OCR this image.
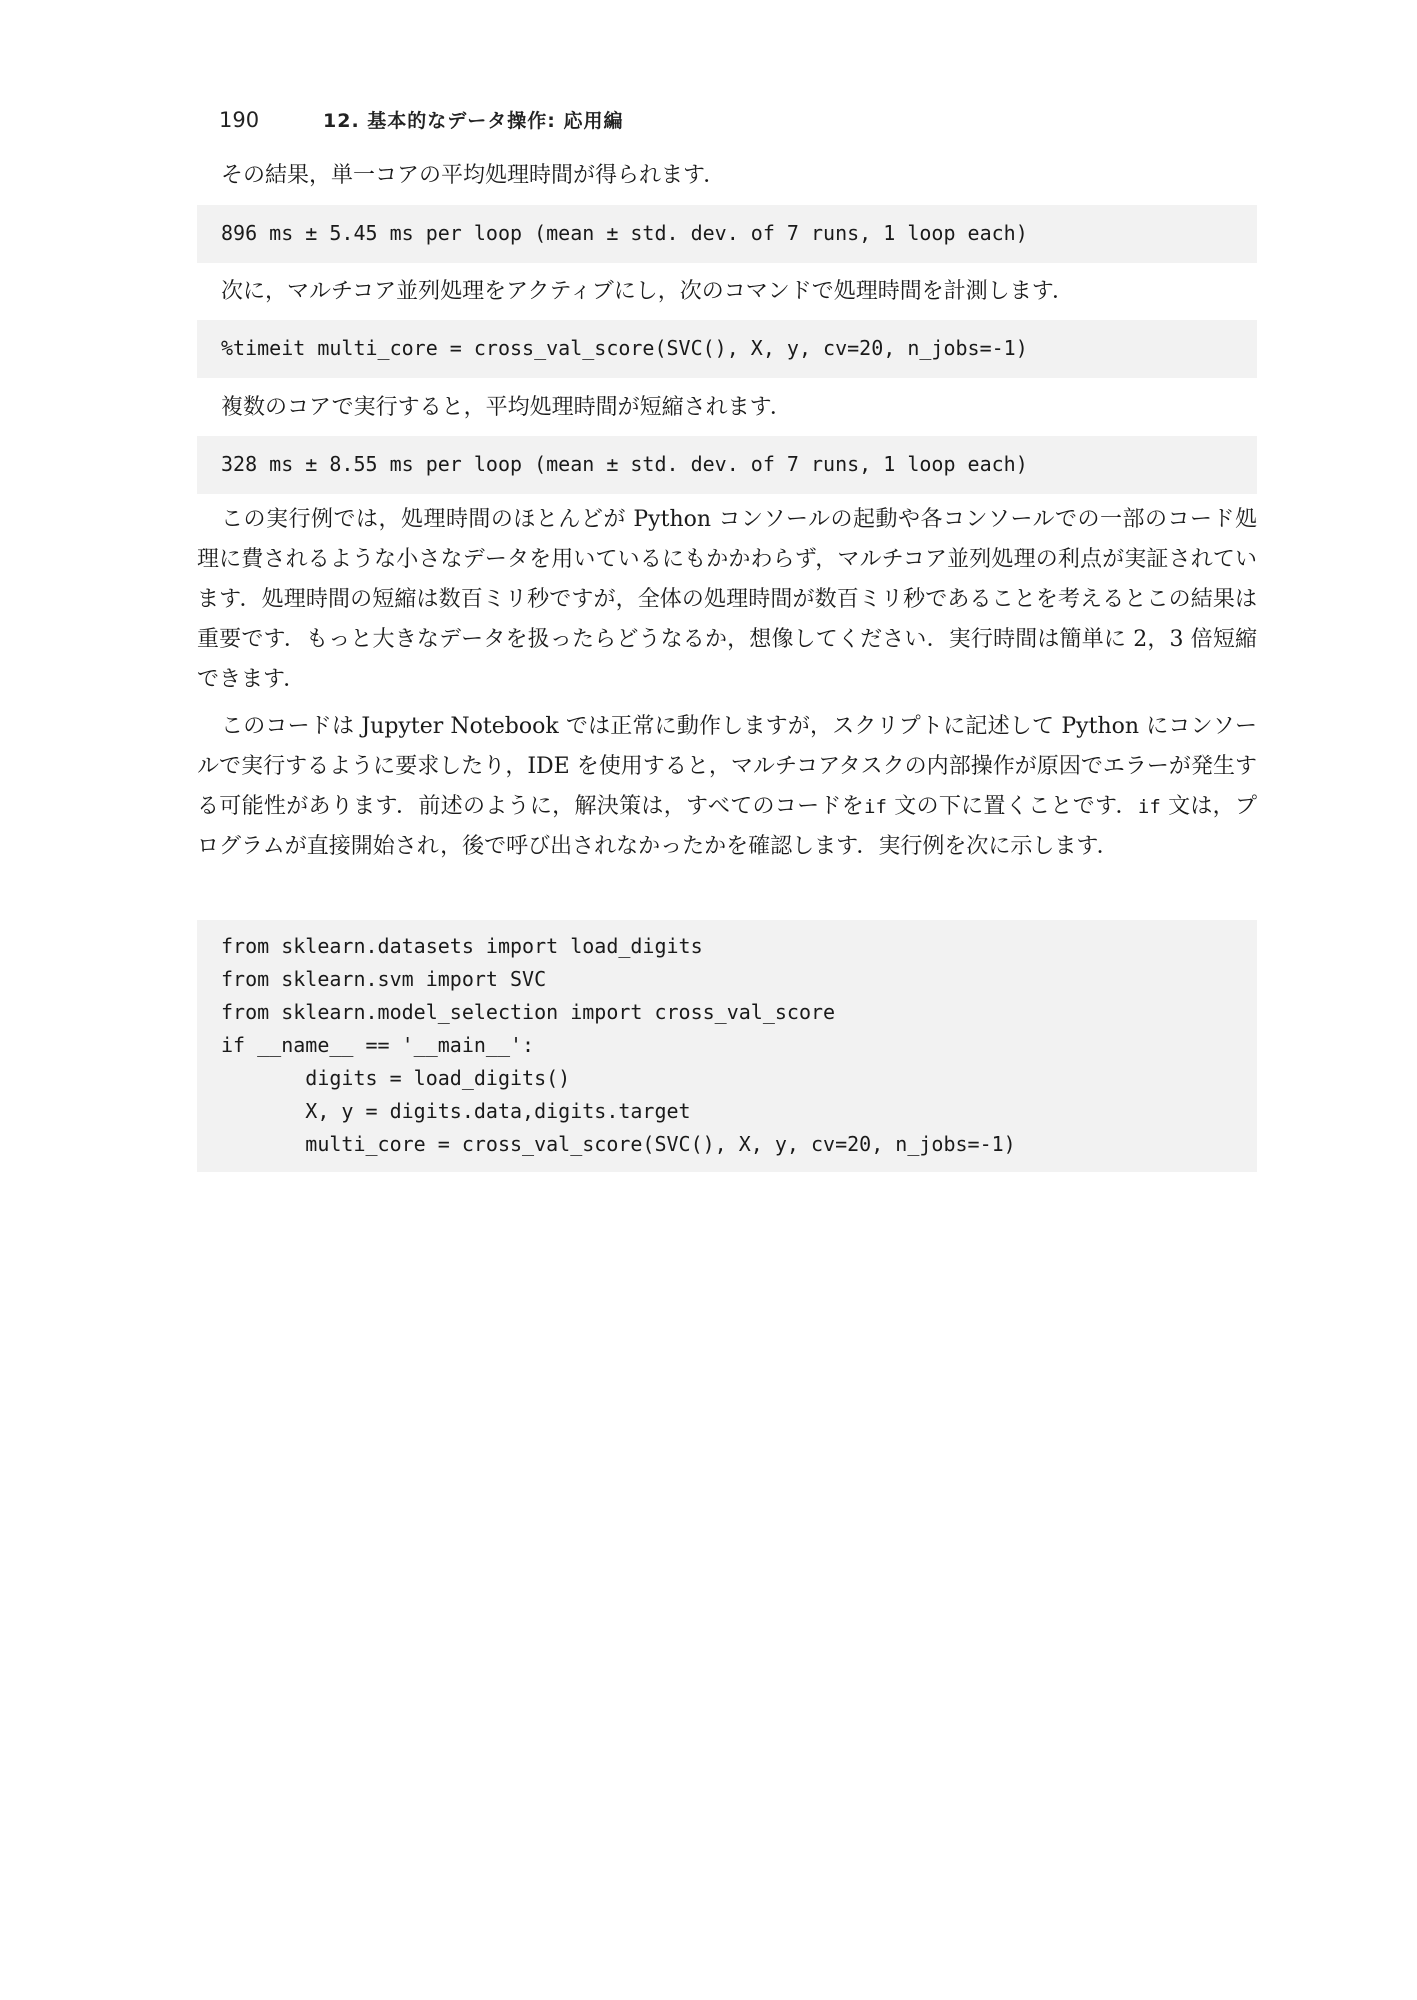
190	12. 基本的なデータ操作: 応用編
その結果，単一コアの平均処理時間が得られます．
896 ms ± 5.45 ms per loop (mean ± std. dev. of 7 runs, 1 loop each)
次に，マルチコア並列処理をアクティブにし，次のコマンドで処理時間を計測します．
%timeit multi_core = cross_val_score(SVC(), X, y, cv=20, n_jobs=-1)
複数のコアで実行すると，平均処理時間が短縮されます．
328 ms ± 8.55 ms per loop (mean ± std. dev. of 7 runs, 1 loop each)
この実行例では，処理時間のほとんどが Python コンソールの起動や各コンソールでの一部のコード処理に費されるような小さなデータを用いているにもかかわらず，マルチコア並列処理の利点が実証されています．処理時間の短縮は数百ミリ秒ですが，全体の処理時間が数百ミリ秒であることを考えるとこの結果は重要です．もっと大きなデータを扱ったらどうなるか，想像してください．実行時間は簡単に 2，3 倍短縮できます．
このコードは Jupyter Notebook では正常に動作しますが，スクリプトに記述して Python にコンソールで実行するように要求したり，IDE を使用すると，マルチコアタスクの内部操作が原因でエラーが発生する可能性があります．前述のように，解決策は，すべてのコードをif 文の下に置くことです．if 文は，プログラムが直接開始され，後で呼び出されなかったかを確認します．実行例を次に示します．
from sklearn.datasets import load_digits
from sklearn.svm import SVC
from sklearn.model_selection import cross_val_score
if __name__ == '__main__':
digits = load_digits()
X, y = digits.data,digits.target
multi_core = cross_val_score(SVC(), X, y, cv=20, n_jobs=-1)
